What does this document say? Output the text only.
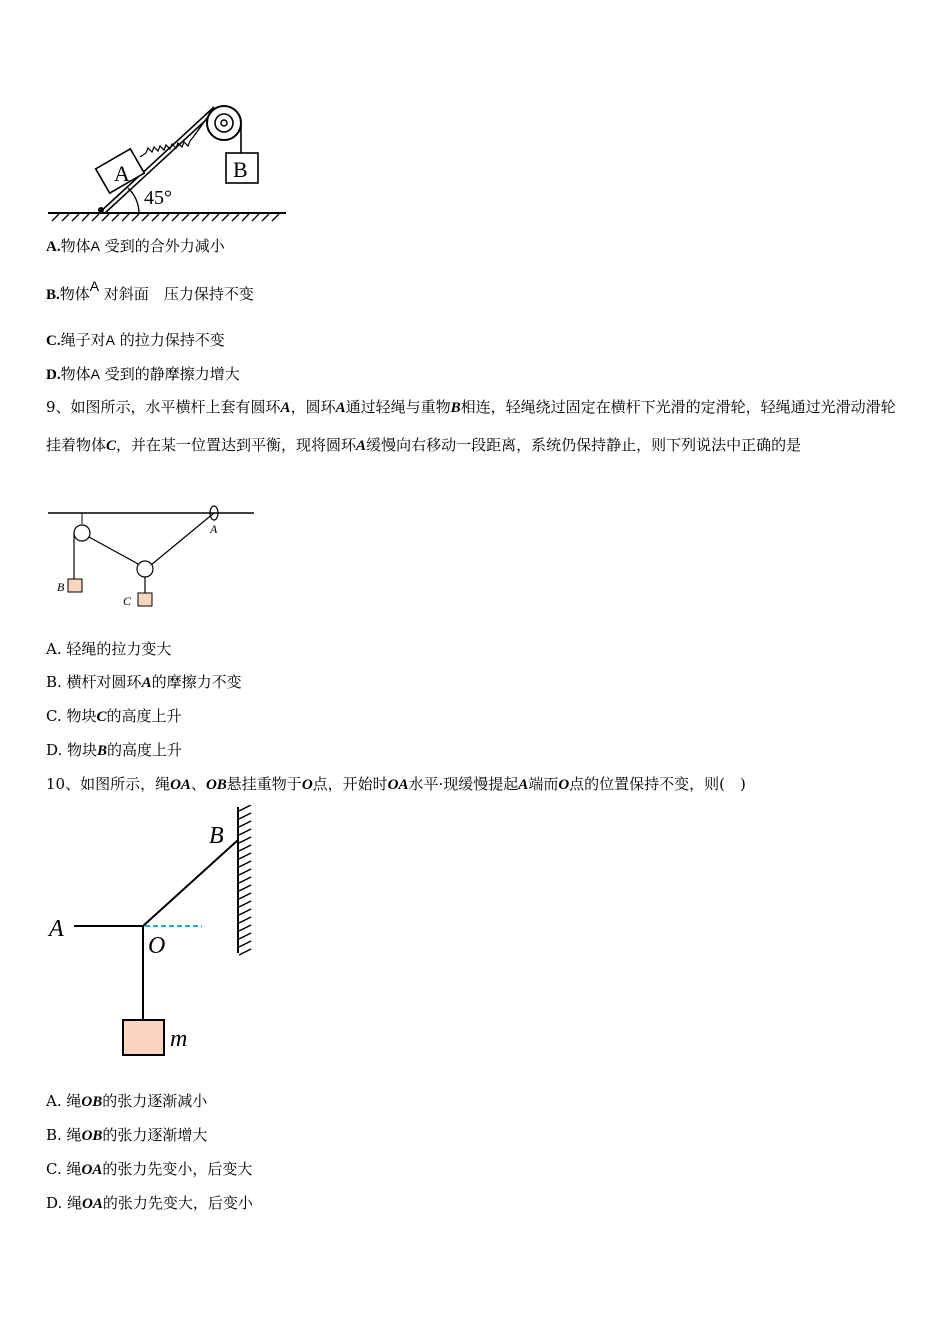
A	B
45°
A.物体A 受到的合外力减小
B.物体A 对斜面　压力保持不变
C.绳子对A 的拉力保持不变
D.物体A 受到的静摩擦力增大
9、如图所示，水平横杆上套有圆环A，圆环A通过轻绳与重物B相连，轻绳绕过固定在横杆下光滑的定滑轮，轻绳通过光滑动滑轮挂着物体C，并在某一位置达到平衡，现将圆环A缓慢向右移动一段距离，系统仍保持静止，则下列说法中正确的是
B
C
A
A. 轻绳的拉力变大
B. 横杆对圆环A的摩擦力不变
C. 物块C的高度上升
D. 物块B的高度上升
10、如图所示，绳OA、OB悬挂重物于O点，开始时OA水平·现缓慢提起A端而O点的位置保持不变，则(　)
A
B
O
m
A. 绳OB的张力逐渐减小
B. 绳OB的张力逐渐增大
C. 绳OA的张力先变小，后变大
D. 绳OA的张力先变大，后变小
